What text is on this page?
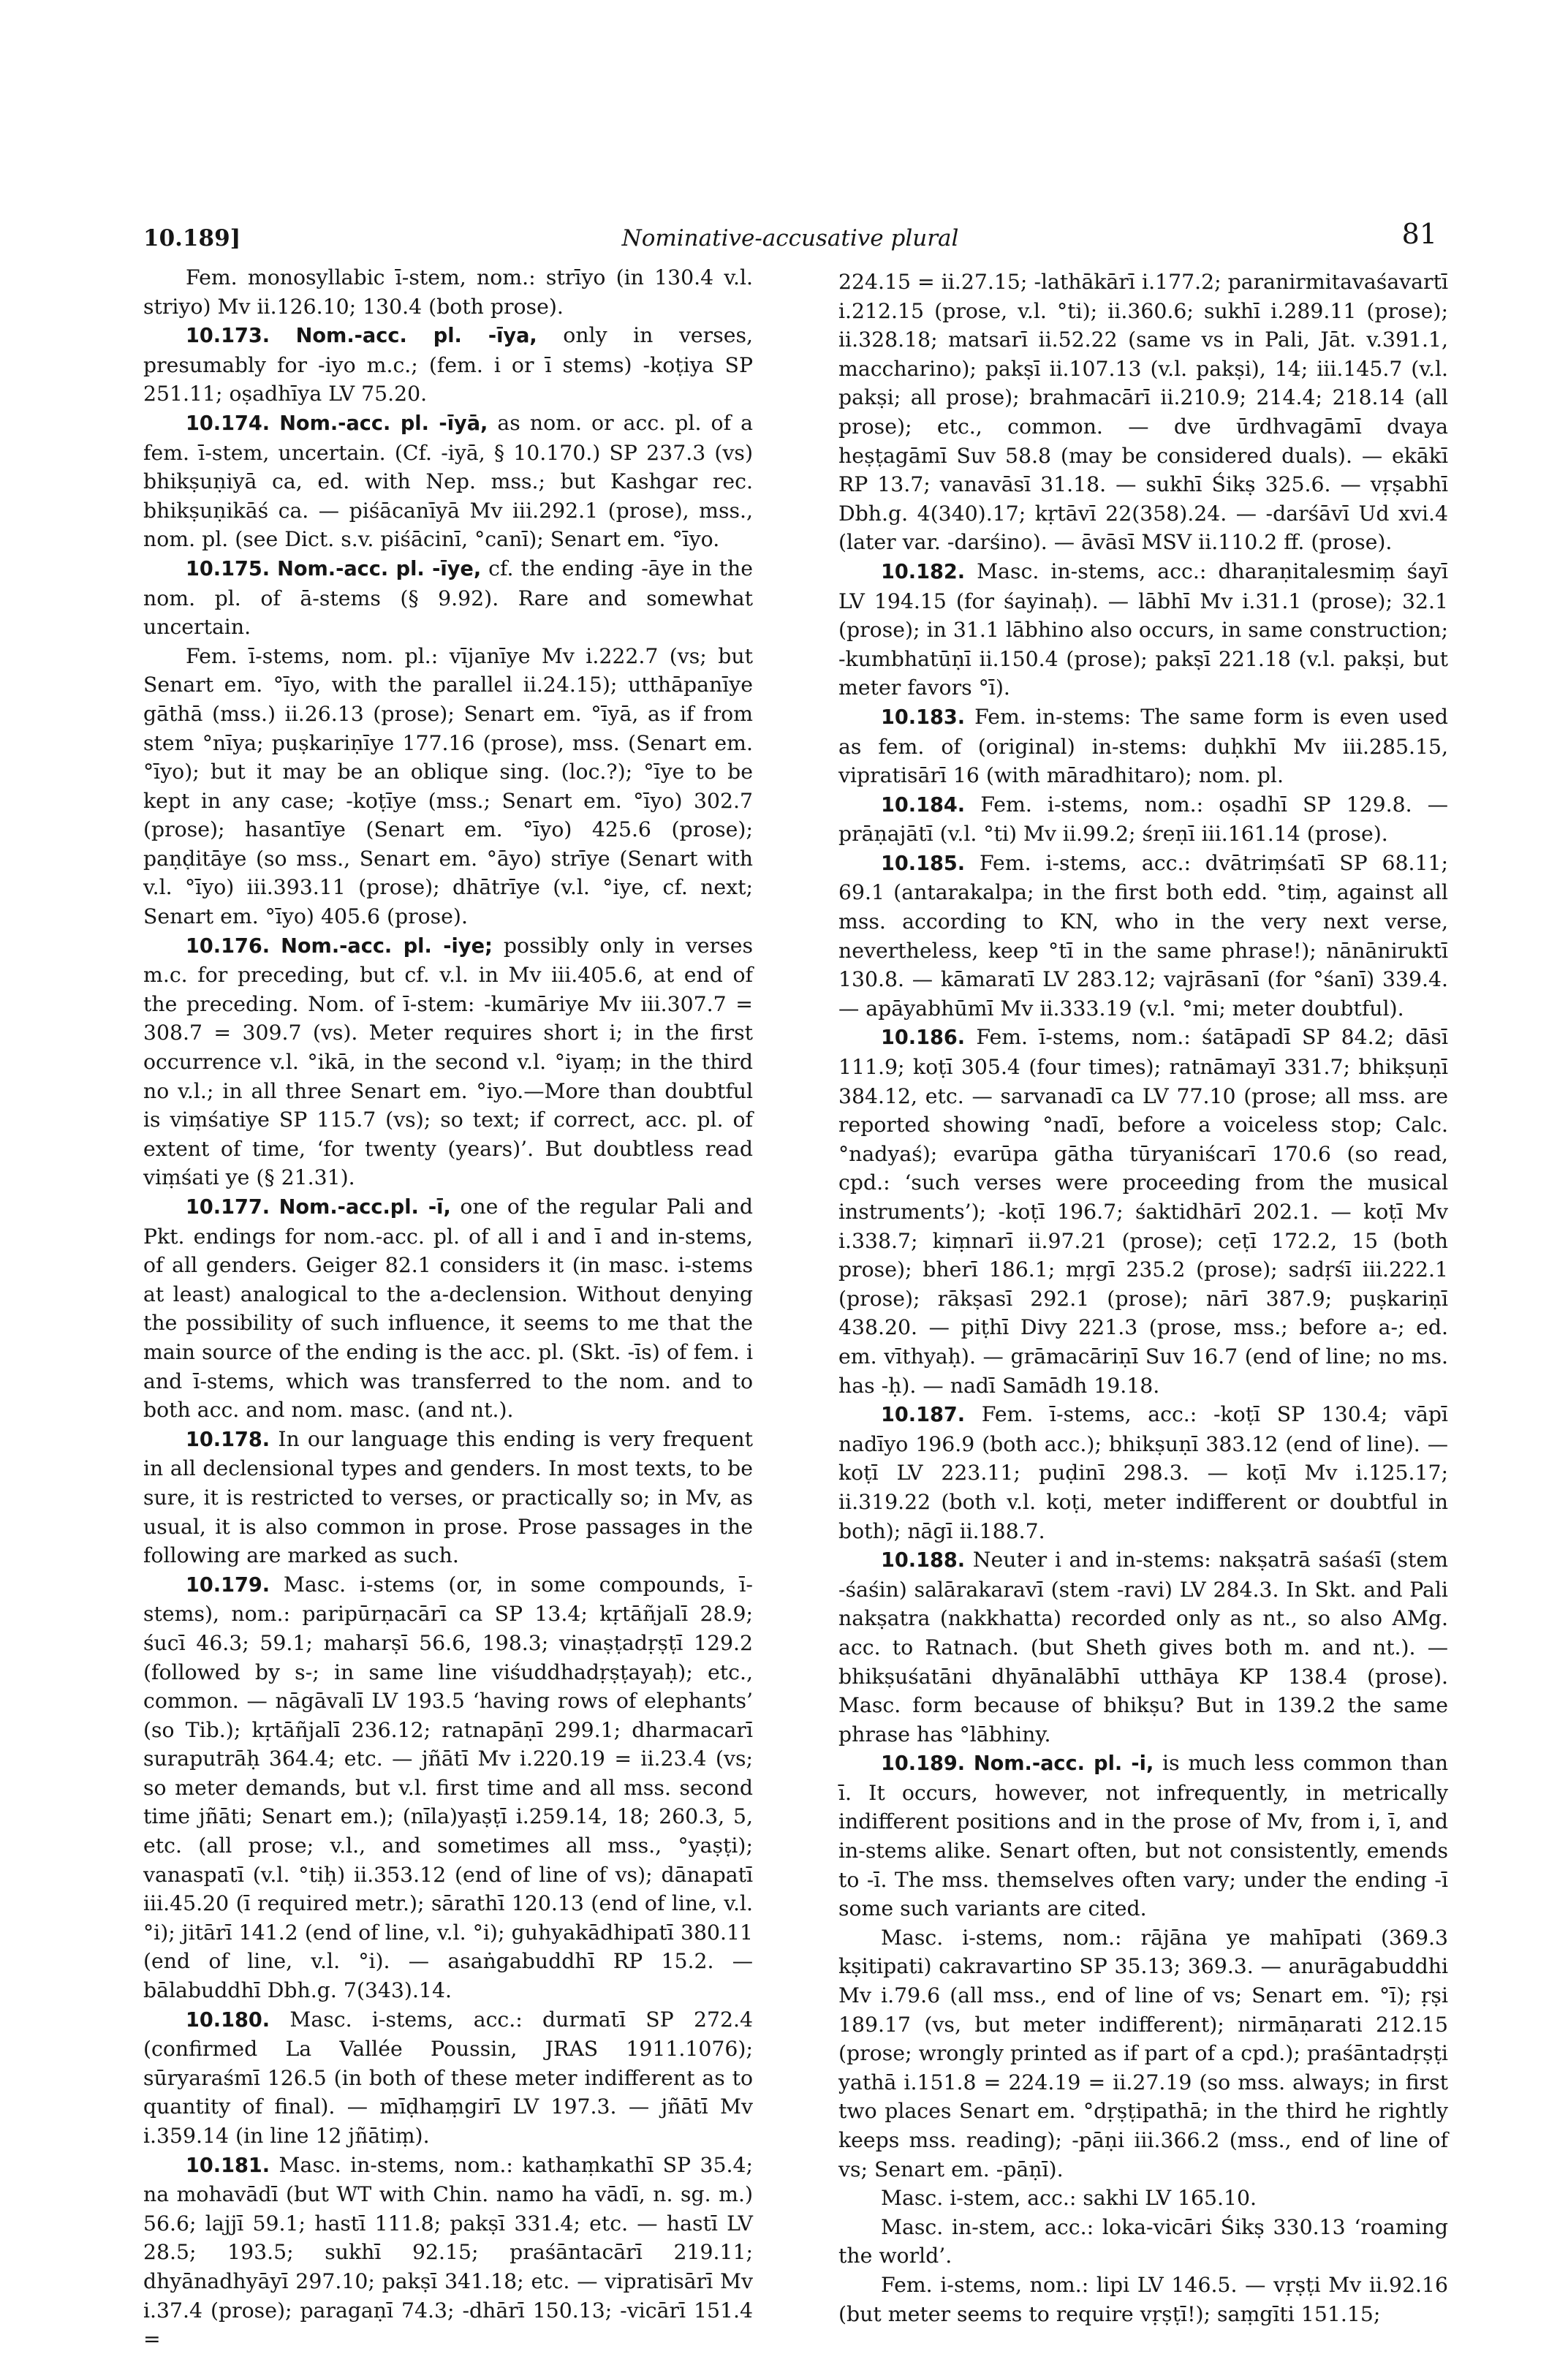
10.189]	Nominative-accusative plural	81

Fem. monosyllabic ī-stem, nom.: strīyo (in 130.4 v.l. striyo) Mv ii.126.10; 130.4 (both prose).

10.173. Nom.-acc. pl. -īya, only in verses, presumably for -iyo m.c.; (fem. i or ī stems) -koṭiya SP 251.11; oṣadhīya LV 75.20.

10.174. Nom.-acc. pl. -īyā, as nom. or acc. pl. of a fem. ī-stem, uncertain. (Cf. -iyā, § 10.170.) SP 237.3 (vs) bhikṣuṇiyā ca, ed. with Nep. mss.; but Kashgar rec. bhikṣuṇikāś ca. — piśācanīyā Mv iii.292.1 (prose), mss., nom. pl. (see Dict. s.v. piśācinī, °canī); Senart em. °īyo.

10.175. Nom.-acc. pl. -īye, cf. the ending -āye in the nom. pl. of ā-stems (§ 9.92). Rare and somewhat uncertain.

Fem. ī-stems, nom. pl.: vījanīye Mv i.222.7 (vs; but Senart em. °īyo, with the parallel ii.24.15); utthāpanīye gāthā (mss.) ii.26.13 (prose); Senart em. °īyā, as if from stem °nīya; puṣkariṇīye 177.16 (prose), mss. (Senart em. °īyo); but it may be an oblique sing. (loc.?); °īye to be kept in any case; -koṭīye (mss.; Senart em. °īyo) 302.7 (prose); hasantīye (Senart em. °īyo) 425.6 (prose); paṇḍitāye (so mss., Senart em. °āyo) strīye (Senart with v.l. °īyo) iii.393.11 (prose); dhātrīye (v.l. °iye, cf. next; Senart em. °īyo) 405.6 (prose).

10.176. Nom.-acc. pl. -iye; possibly only in verses m.c. for preceding, but cf. v.l. in Mv iii.405.6, at end of the preceding. Nom. of ī-stem: -kumāriye Mv iii.307.7 = 308.7 = 309.7 (vs). Meter requires short i; in the first occurrence v.l. °ikā, in the second v.l. °iyaṃ; in the third no v.l.; in all three Senart em. °iyo.—More than doubtful is viṃśatiye SP 115.7 (vs); so text; if correct, acc. pl. of extent of time, ‘for twenty (years)’. But doubtless read viṃśati ye (§ 21.31).

10.177. Nom.-acc.pl. -ī, one of the regular Pali and Pkt. endings for nom.-acc. pl. of all i and ī and in-stems, of all genders. Geiger 82.1 considers it (in masc. i-stems at least) analogical to the a-declension. Without denying the possibility of such influence, it seems to me that the main source of the ending is the acc. pl. (Skt. -īs) of fem. i and ī-stems, which was transferred to the nom. and to both acc. and nom. masc. (and nt.).

10.178. In our language this ending is very frequent in all declensional types and genders. In most texts, to be sure, it is restricted to verses, or practically so; in Mv, as usual, it is also common in prose. Prose passages in the following are marked as such.

10.179. Masc. i-stems (or, in some compounds, ī-stems), nom.: paripūrṇacārī ca SP 13.4; kṛtāñjalī 28.9; śucī 46.3; 59.1; maharṣī 56.6, 198.3; vinaṣṭadṛṣṭī 129.2 (followed by s-; in same line viśuddhadṛṣṭayaḥ); etc., common. — nāgāvalī LV 193.5 ‘having rows of elephants’ (so Tib.); kṛtāñjalī 236.12; ratnapāṇī 299.1; dharmacarī suraputrāḥ 364.4; etc. — jñātī Mv i.220.19 = ii.23.4 (vs; so meter demands, but v.l. first time and all mss. second time jñāti; Senart em.); (nīla)yaṣṭī i.259.14, 18; 260.3, 5, etc. (all prose; v.l., and sometimes all mss., °yaṣṭi); vanaspatī (v.l. °tiḥ) ii.353.12 (end of line of vs); dānapatī iii.45.20 (ī required metr.); sārathī 120.13 (end of line, v.l. °i); jitārī 141.2 (end of line, v.l. °i); guhyakādhipatī 380.11 (end of line, v.l. °i). — asaṅgabuddhī RP 15.2. — bālabuddhī Dbh.g. 7(343).14.

10.180. Masc. i-stems, acc.: durmatī SP 272.4 (confirmed La Vallée Poussin, JRAS 1911.1076); sūryaraśmī 126.5 (in both of these meter indifferent as to quantity of final). — mīḍhaṃgirī LV 197.3. — jñātī Mv i.359.14 (in line 12 jñātiṃ).

10.181. Masc. in-stems, nom.: kathaṃkathī SP 35.4; na mohavādī (but WT with Chin. namo ha vādī, n. sg. m.) 56.6; lajjī 59.1; hastī 111.8; pakṣī 331.4; etc. — hastī LV 28.5; 193.5; sukhī 92.15; praśāntacārī 219.11; dhyānadhyāyī 297.10; pakṣī 341.18; etc. — vipratisārī Mv i.37.4 (prose); paragaṇī 74.3; -dhārī 150.13; -vicārī 151.4 =

224.15 = ii.27.15; -lathākārī i.177.2; paranirmitavaśavartī i.212.15 (prose, v.l. °ti); ii.360.6; sukhī i.289.11 (prose); ii.328.18; matsarī ii.52.22 (same vs in Pali, Jāt. v.391.1, maccharino); pakṣī ii.107.13 (v.l. pakṣi), 14; iii.145.7 (v.l. pakṣi; all prose); brahmacārī ii.210.9; 214.4; 218.14 (all prose); etc., common. — dve ūrdhvagāmī dvaya heṣṭagāmī Suv 58.8 (may be considered duals). — ekākī RP 13.7; vanavāsī 31.18. — sukhī Śikṣ 325.6. — vṛṣabhī Dbh.g. 4(340).17; kṛtāvī 22(358).24. — -darśāvī Ud xvi.4 (later var. -darśino). — āvāsī MSV ii.110.2 ff. (prose).

10.182. Masc. in-stems, acc.: dharaṇitalesmiṃ śayī LV 194.15 (for śayinaḥ). — lābhī Mv i.31.1 (prose); 32.1 (prose); in 31.1 lābhino also occurs, in same construction; -kumbhatūṇī ii.150.4 (prose); pakṣī 221.18 (v.l. pakṣi, but meter favors °ī).

10.183. Fem. in-stems: The same form is even used as fem. of (original) in-stems: duḥkhī Mv iii.285.15, vipratisārī 16 (with māradhitaro); nom. pl.

10.184. Fem. i-stems, nom.: oṣadhī SP 129.8. — prāṇajātī (v.l. °ti) Mv ii.99.2; śreṇī iii.161.14 (prose).

10.185. Fem. i-stems, acc.: dvātriṃśatī SP 68.11; 69.1 (antarakalpa; in the first both edd. °tiṃ, against all mss. according to KN, who in the very next verse, nevertheless, keep °tī in the same phrase!); nānāniruktī 130.8. — kāmaratī LV 283.12; vajrāsanī (for °śanī) 339.4. — apāyabhūmī Mv ii.333.19 (v.l. °mi; meter doubtful).

10.186. Fem. ī-stems, nom.: śatāpadī SP 84.2; dāsī 111.9; koṭī 305.4 (four times); ratnāmayī 331.7; bhikṣuṇī 384.12, etc. — sarvanadī ca LV 77.10 (prose; all mss. are reported showing °nadī, before a voiceless stop; Calc. °nadyaś); evarūpa gātha tūryaniścarī 170.6 (so read, cpd.: ‘such verses were proceeding from the musical instruments’); -koṭī 196.7; śaktidhārī 202.1. — koṭī Mv i.338.7; kiṃnarī ii.97.21 (prose); ceṭī 172.2, 15 (both prose); bherī 186.1; mṛgī 235.2 (prose); sadṛśī iii.222.1 (prose); rākṣasī 292.1 (prose); nārī 387.9; puṣkariṇī 438.20. — piṭhī Divy 221.3 (prose, mss.; before a-; ed. em. vīthyaḥ). — grāmacāriṇī Suv 16.7 (end of line; no ms. has -ḥ). — nadī Samādh 19.18.

10.187. Fem. ī-stems, acc.: -koṭī SP 130.4; vāpī nadīyo 196.9 (both acc.); bhikṣuṇī 383.12 (end of line). — koṭī LV 223.11; puḍinī 298.3. — koṭī Mv i.125.17; ii.319.22 (both v.l. koṭi, meter indifferent or doubtful in both); nāgī ii.188.7.

10.188. Neuter i and in-stems: nakṣatrā saśaśī (stem -śaśin) salārakaravī (stem -ravi) LV 284.3. In Skt. and Pali nakṣatra (nakkhatta) recorded only as nt., so also AMg. acc. to Ratnach. (but Sheth gives both m. and nt.). — bhikṣuśatāni dhyānalābhī utthāya KP 138.4 (prose). Masc. form because of bhikṣu? But in 139.2 the same phrase has °lābhiny.

10.189. Nom.-acc. pl. -i, is much less common than ī. It occurs, however, not infrequently, in metrically indifferent positions and in the prose of Mv, from i, ī, and in-stems alike. Senart often, but not consistently, emends to -ī. The mss. themselves often vary; under the ending -ī some such variants are cited.

Masc. i-stems, nom.: rājāna ye mahīpati (369.3 kṣitipati) cakravartino SP 35.13; 369.3. — anurāgabuddhi Mv i.79.6 (all mss., end of line of vs; Senart em. °ī); ṛṣi 189.17 (vs, but meter indifferent); nirmāṇarati 212.15 (prose; wrongly printed as if part of a cpd.); praśāntadṛṣṭi yathā i.151.8 = 224.19 = ii.27.19 (so mss. always; in first two places Senart em. °dṛṣṭipathā; in the third he rightly keeps mss. reading); -pāṇi iii.366.2 (mss., end of line of vs; Senart em. -pāṇī).

Masc. i-stem, acc.: sakhi LV 165.10.

Masc. in-stem, acc.: loka-vicāri Śikṣ 330.13 ‘roaming the world’.

Fem. i-stems, nom.: lipi LV 146.5. — vṛṣṭi Mv ii.92.16 (but meter seems to require vṛṣṭī!); saṃgīti 151.15;
